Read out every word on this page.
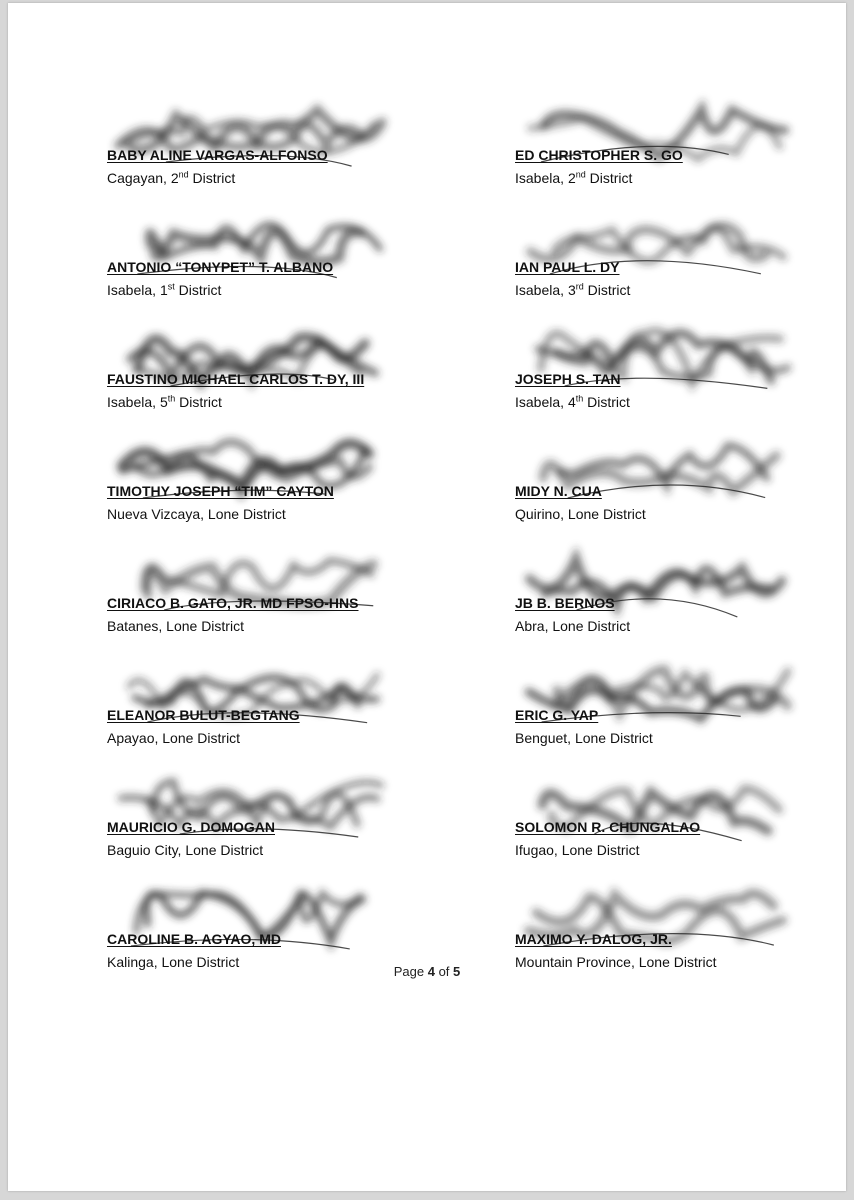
BABY ALINE VARGAS-ALFONSO
Cagayan, 2nd District
ED CHRISTOPHER S. GO
Isabela, 2nd District
ANTONIO “TONYPET” T. ALBANO
Isabela, 1st District
IAN PAUL L. DY
Isabela, 3rd District
FAUSTINO MICHAEL CARLOS T. DY, III
Isabela, 5th District
JOSEPH S. TAN
Isabela, 4th District
TIMOTHY JOSEPH “TIM” CAYTON
Nueva Vizcaya, Lone District
MIDY N. CUA
Quirino, Lone District
CIRIACO B. GATO, JR. MD FPSO-HNS
Batanes, Lone District
JB B. BERNOS
Abra, Lone District
ELEANOR BULUT-BEGTANG
Apayao, Lone District
ERIC G. YAP
Benguet, Lone District
MAURICIO G. DOMOGAN
Baguio City, Lone District
SOLOMON R. CHUNGALAO
Ifugao, Lone District
CAROLINE B. AGYAO, MD
Kalinga, Lone District
MAXIMO Y. DALOG, JR.
Mountain Province, Lone District
Page 4 of 5
